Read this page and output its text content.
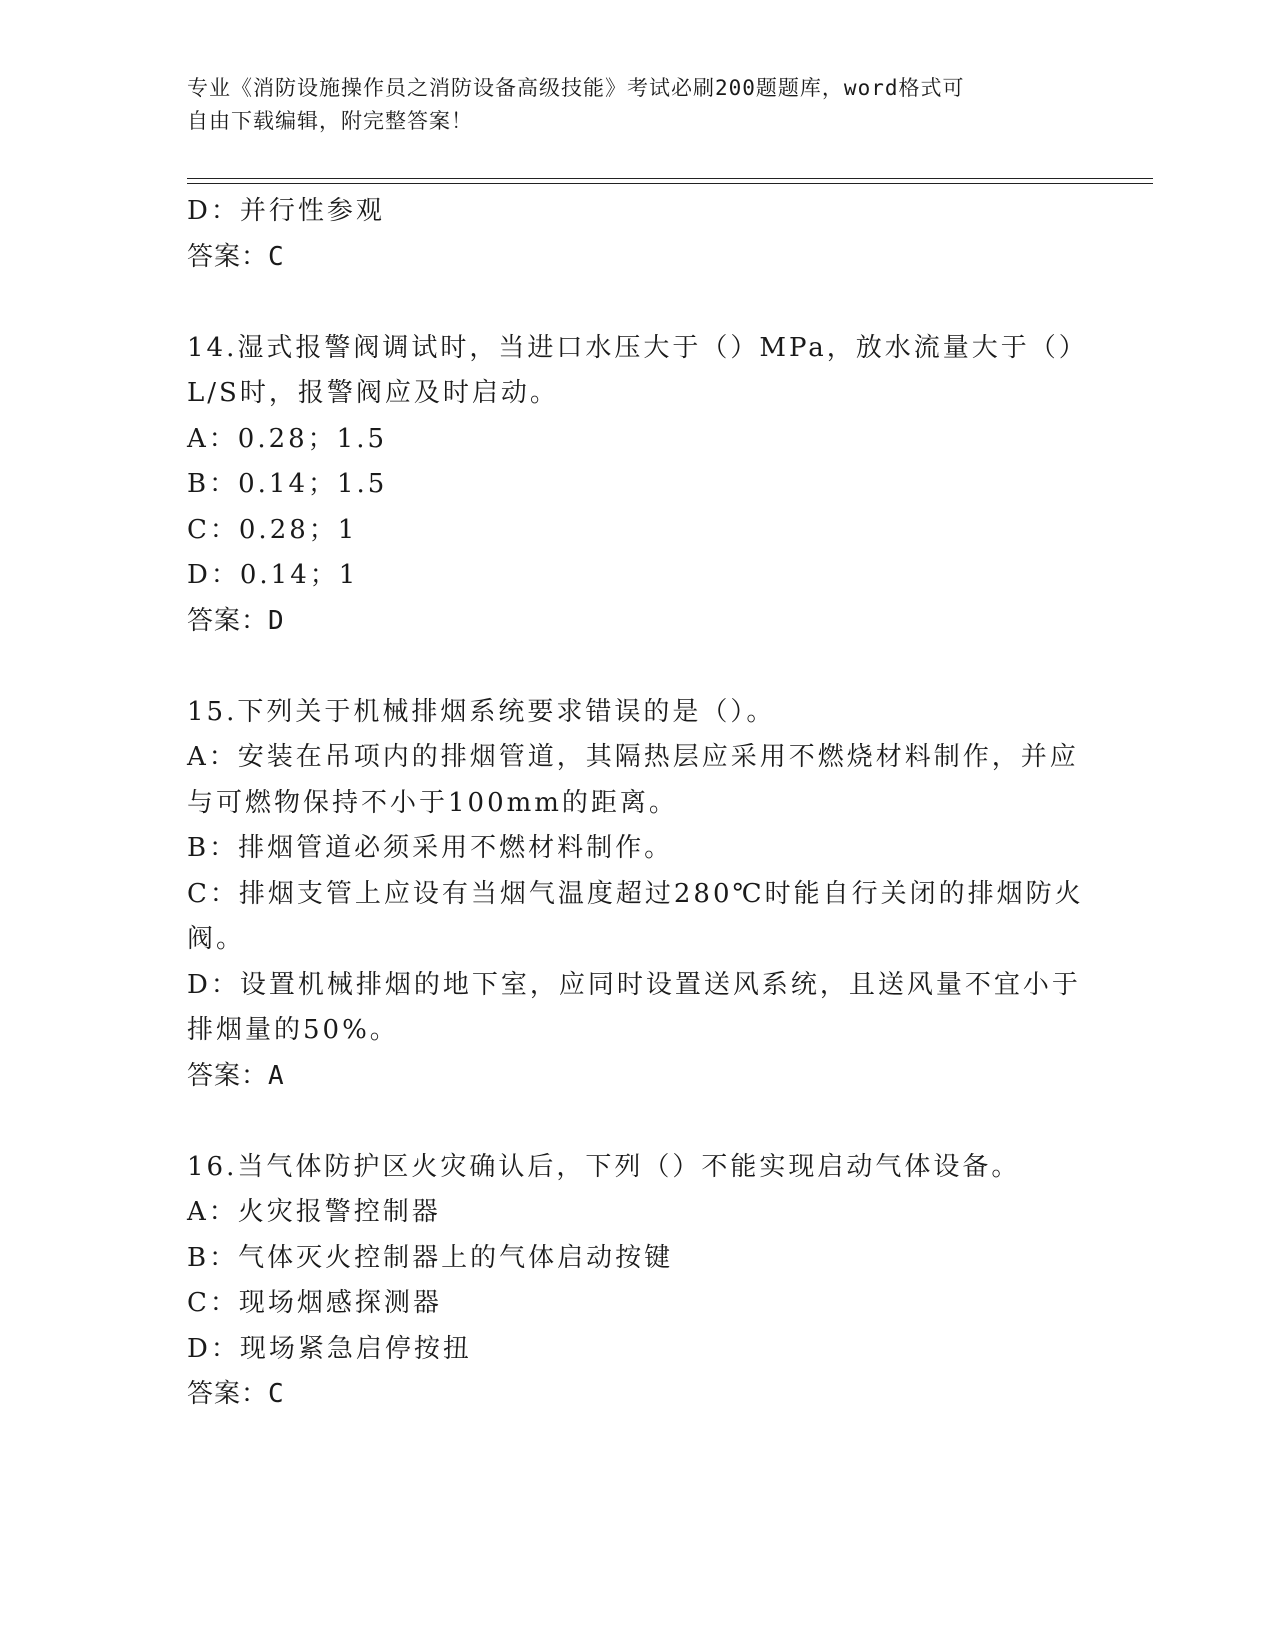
专业《消防设施操作员之消防设备高级技能》考试必刷200题题库，word格式可
自由下载编辑，附完整答案！
D：并行性参观
答案：C
14.湿式报警阀调试时，当进口水压大于（）MPa，放水流量大于（）
L/S时，报警阀应及时启动。
A：0.28；1.5
B：0.14；1.5
C：0.28；1
D：0.14；1
答案：D
15.下列关于机械排烟系统要求错误的是（）。
A：安装在吊项内的排烟管道，其隔热层应采用不燃烧材料制作，并应
与可燃物保持不小于100mm的距离。
B：排烟管道必须采用不燃材料制作。
C：排烟支管上应设有当烟气温度超过280℃时能自行关闭的排烟防火
阀。
D：设置机械排烟的地下室，应同时设置送风系统，且送风量不宜小于
排烟量的50%。
答案：A
16.当气体防护区火灾确认后，下列（）不能实现启动气体设备。
A：火灾报警控制器
B：气体灭火控制器上的气体启动按键
C：现场烟感探测器
D：现场紧急启停按扭
答案：C
